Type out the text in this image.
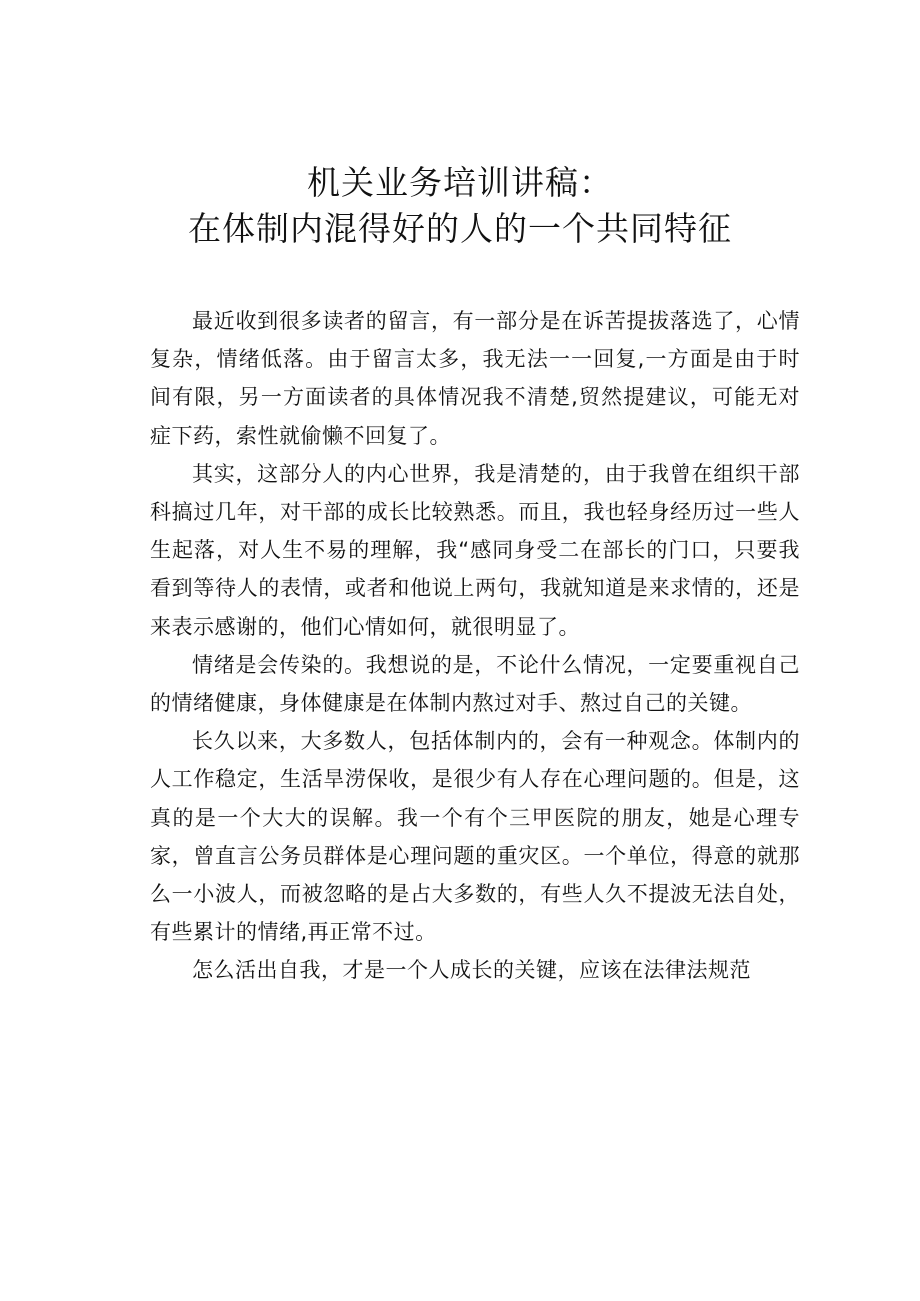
机关业务培训讲稿：
在体制内混得好的人的一个共同特征

最近收到很多读者的留言，有一部分是在诉苦提拔落选了，心情复杂，情绪低落。由于留言太多，我无法一一回复,一方面是由于时间有限，另一方面读者的具体情况我不清楚,贸然提建议，可能无对症下药，索性就偷懒不回复了。

其实，这部分人的内心世界，我是清楚的，由于我曾在组织干部科搞过几年，对干部的成长比较熟悉。而且，我也轻身经历过一些人生起落，对人生不易的理解，我“感同身受二在部长的门口，只要我看到等待人的表情，或者和他说上两句，我就知道是来求情的，还是来表示感谢的，他们心情如何，就很明显了。

情绪是会传染的。我想说的是，不论什么情况，一定要重视自己的情绪健康，身体健康是在体制内熬过对手、熬过自己的关键。

长久以来，大多数人，包括体制内的，会有一种观念。体制内的人工作稳定，生活旱涝保收，是很少有人存在心理问题的。但是，这真的是一个大大的误解。我一个有个三甲医院的朋友，她是心理专家，曾直言公务员群体是心理问题的重灾区。一个单位，得意的就那么一小波人，而被忽略的是占大多数的，有些人久不提波无法自处，有些累计的情绪,再正常不过。

怎么活出自我，才是一个人成长的关键，应该在法律法规范
